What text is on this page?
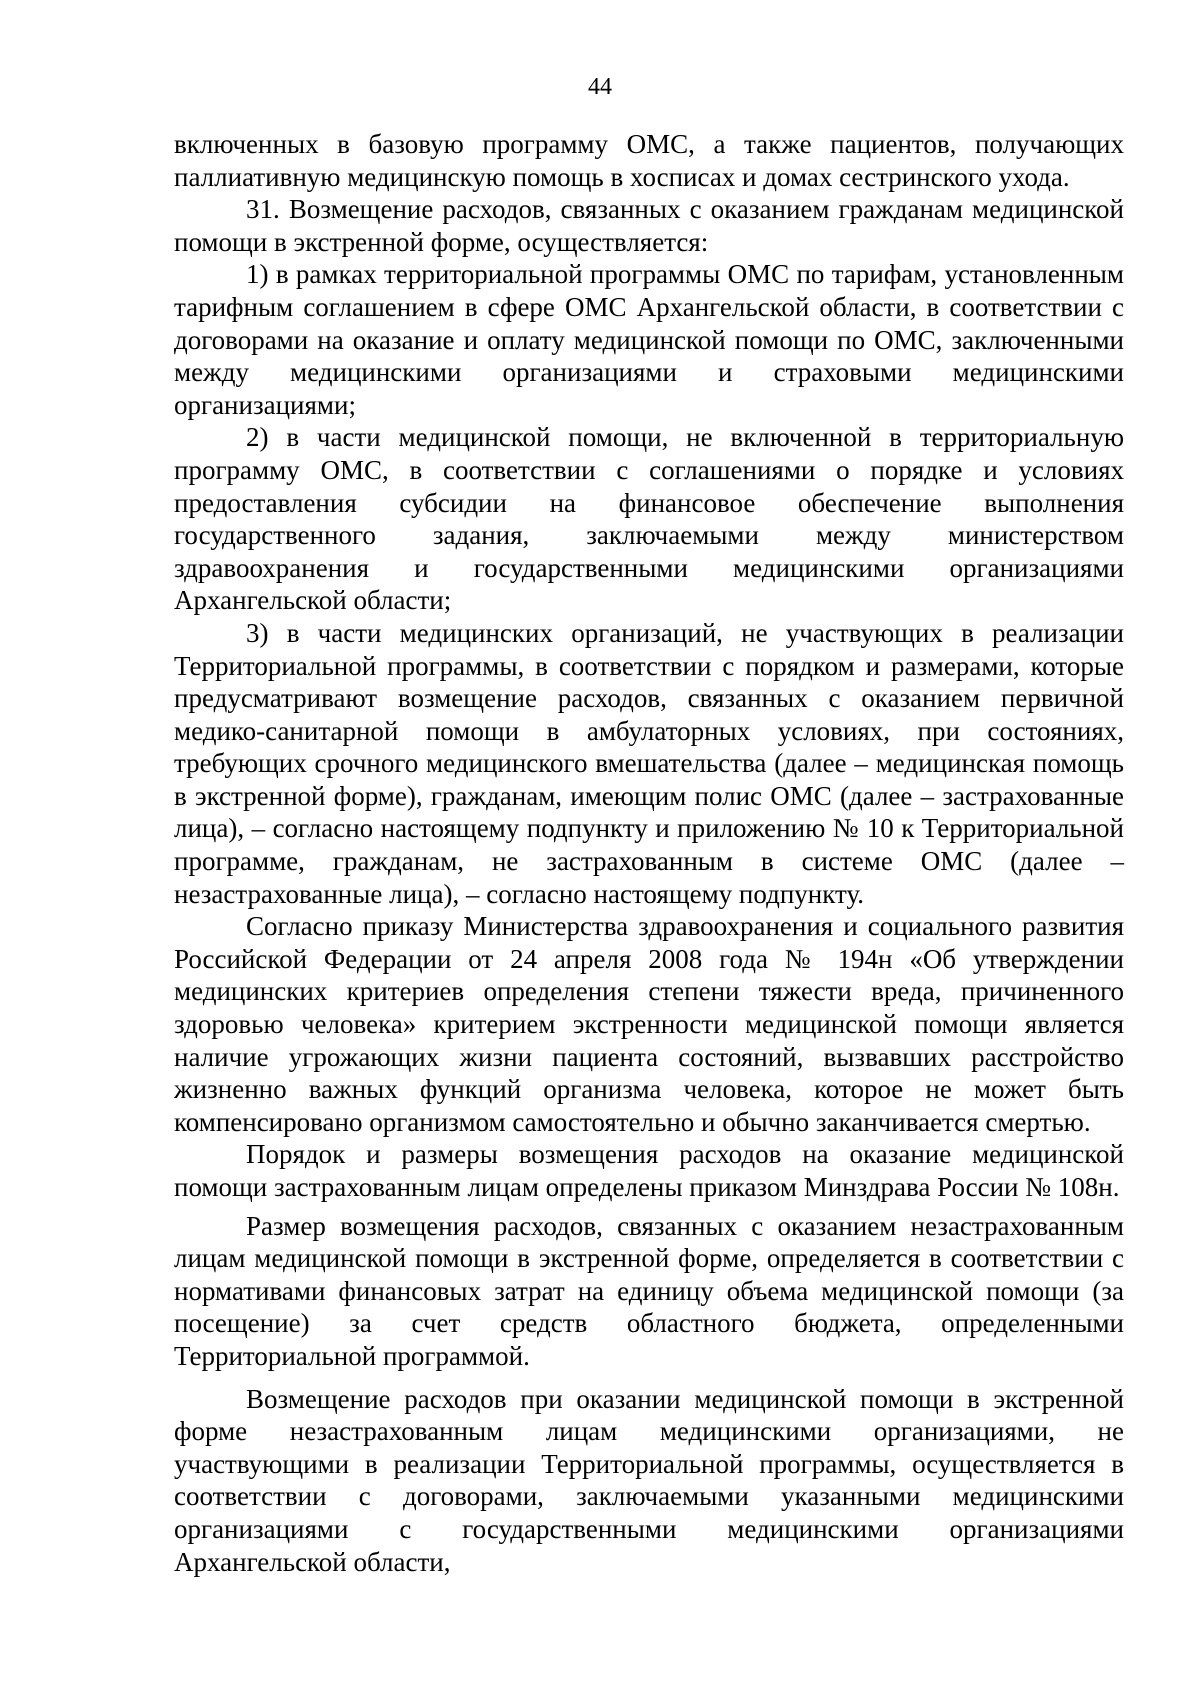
44

включенных в базовую программу ОМС, а также пациентов, получающих паллиативную медицинскую помощь в хосписах и домах сестринского ухода.

31. Возмещение расходов, связанных с оказанием гражданам медицинской помощи в экстренной форме, осуществляется:

1) в рамках территориальной программы ОМС по тарифам, установленным тарифным соглашением в сфере ОМС Архангельской области, в соответствии с договорами на оказание и оплату медицинской помощи по ОМС, заключенными между медицинскими организациями и страховыми медицинскими организациями;

2) в части медицинской помощи, не включенной в территориальную программу ОМС, в соответствии с соглашениями о порядке и условиях предоставления субсидии на финансовое обеспечение выполнения государственного задания, заключаемыми между министерством здравоохранения и государственными медицинскими организациями Архангельской области;

3) в части медицинских организаций, не участвующих в реализации Территориальной программы, в соответствии с порядком и размерами, которые предусматривают возмещение расходов, связанных с оказанием первичной медико-санитарной помощи в амбулаторных условиях, при состояниях, требующих срочного медицинского вмешательства (далее – медицинская помощь в экстренной форме), гражданам, имеющим полис ОМС (далее – застрахованные лица), – согласно настоящему подпункту и приложению № 10 к Территориальной программе, гражданам, не застрахованным в системе ОМС (далее – незастрахованные лица), – согласно настоящему подпункту.

Согласно приказу Министерства здравоохранения и социального развития Российской Федерации от 24 апреля 2008 года № 194н «Об утверждении медицинских критериев определения степени тяжести вреда, причиненного здоровью человека» критерием экстренности медицинской помощи является наличие угрожающих жизни пациента состояний, вызвавших расстройство жизненно важных функций организма человека, которое не может быть компенсировано организмом самостоятельно и обычно заканчивается смертью.

Порядок и размеры возмещения расходов на оказание медицинской помощи застрахованным лицам определены приказом Минздрава России № 108н.

Размер возмещения расходов, связанных с оказанием незастрахованным лицам медицинской помощи в экстренной форме, определяется в соответствии с нормативами финансовых затрат на единицу объема медицинской помощи (за посещение) за счет средств областного бюджета, определенными Территориальной программой.

Возмещение расходов при оказании медицинской помощи в экстренной форме незастрахованным лицам медицинскими организациями, не участвующими в реализации Территориальной программы, осуществляется в соответствии с договорами, заключаемыми указанными медицинскими организациями с государственными медицинскими организациями Архангельской области,
